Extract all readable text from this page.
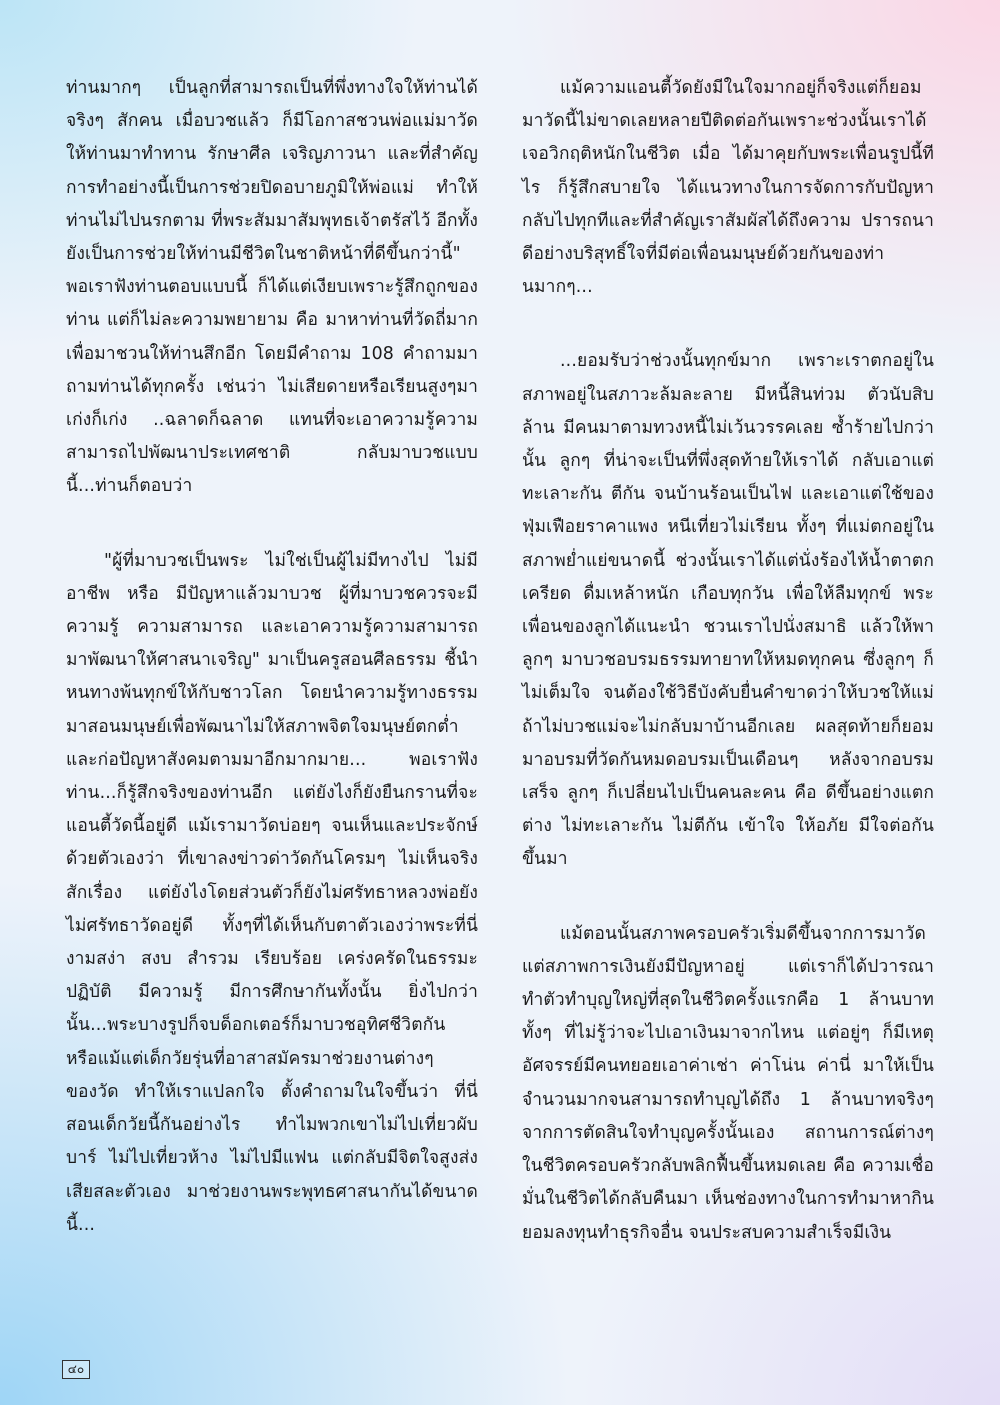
ท่านมากๆ เป็นลูกที่สามารถเป็นที่พึ่งทางใจให้ท่านได้จริงๆ สักคน เมื่อบวชแล้ว ก็มีโอกาสชวนพ่อแม่มาวัด ให้ท่านมาทำทาน รักษาศีล เจริญภาวนา และที่สำคัญการทำอย่างนี้เป็นการช่วยปิดอบายภูมิให้พ่อแม่ ทำให้ท่านไม่ไปนรกตาม ที่พระสัมมาสัมพุทธเจ้าตรัสไว้ อีกทั้งยังเป็นการช่วยให้ท่านมีชีวิตในชาติหน้าที่ดีขึ้นกว่านี้" พอเราฟังท่านตอบแบบนี้ ก็ได้แต่เงียบเพราะรู้สึกถูกของท่าน แต่ก็ไม่ละความพยายาม คือ มาหาท่านที่วัดถี่มากเพื่อมาชวนให้ท่านสึกอีก โดยมีคำถาม 108 คำถามมาถามท่านได้ทุกครั้ง เช่นว่า ไม่เสียดายหรือเรียนสูงๆมา เก่งก็เก่ง ..ฉลาดก็ฉลาด แทนที่จะเอาความรู้ความสามารถไปพัฒนาประเทศชาติ กลับมาบวชแบบนี้...ท่านก็ตอบว่า

"ผู้ที่มาบวชเป็นพระ ไม่ใช่เป็นผู้ไม่มีทางไป ไม่มีอาชีพ หรือ มีปัญหาแล้วมาบวช ผู้ที่มาบวชควรจะมีความรู้ ความสามารถ และเอาความรู้ความสามารถ มาพัฒนาให้ศาสนาเจริญ" มาเป็นครูสอนศีลธรรม ชี้นำหนทางพ้นทุกข์ให้กับชาวโลก โดยนำความรู้ทางธรรมมาสอนมนุษย์เพื่อพัฒนาไม่ให้สภาพจิตใจมนุษย์ตกต่ำ และก่อปัญหาสังคมตามมาอีกมากมาย... พอเราฟังท่าน...ก็รู้สึกจริงของท่านอีก แต่ยังไงก็ยังยืนกรานที่จะแอนตี้วัดนี้อยู่ดี แม้เรามาวัดบ่อยๆ จนเห็นและประจักษ์ด้วยตัวเองว่า ที่เขาลงข่าวด่าวัดกันโครมๆ ไม่เห็นจริงสักเรื่อง แต่ยังไงโดยส่วนตัวก็ยังไม่ศรัทธาหลวงพ่อยังไม่ศรัทธาวัดอยู่ดี ทั้งๆที่ได้เห็นกับตาตัวเองว่าพระที่นี่งามสง่า สงบ สำรวม เรียบร้อย เคร่งครัดในธรรมะปฏิบัติ มีความรู้ มีการศึกษากันทั้งนั้น ยิ่งไปกว่านั้น...พระบางรูปก็จบด็อกเตอร์ก็มาบวชอุทิศชีวิตกัน หรือแม้แต่เด็กวัยรุ่นที่อาสาสมัครมาช่วยงานต่างๆ ของวัด ทำให้เราแปลกใจ ตั้งคำถามในใจขึ้นว่า ที่นี่สอนเด็กวัยนี้กันอย่างไร ทำไมพวกเขาไม่ไปเที่ยวผับบาร์ ไม่ไปเที่ยวห้าง ไม่ไปมีแฟน แต่กลับมีจิตใจสูงส่ง เสียสละตัวเอง มาช่วยงานพระพุทธศาสนากันได้ขนาดนี้...

แม้ความแอนตี้วัดยังมีในใจมากอยู่ก็จริงแต่ก็ยอมมาวัดนี้ไม่ขาดเลยหลายปีติดต่อกันเพราะช่วงนั้นเราได้เจอวิกฤติหนักในชีวิต เมื่อ ได้มาคุยกับพระเพื่อนรูปนี้ทีไร ก็รู้สึกสบายใจ ได้แนวทางในการจัดการกับปัญหากลับไปทุกทีและที่สำคัญเราสัมผัสได้ถึงความ ปรารถนาดีอย่างบริสุทธิ์ใจที่มีต่อเพื่อนมนุษย์ด้วยกันของท่านมากๆ...

...ยอมรับว่าช่วงนั้นทุกข์มาก เพราะเราตกอยู่ในสภาพอยู่ในสภาวะล้มละลาย มีหนี้สินท่วม ตัวนับสิบล้าน มีคนมาตามทวงหนี้ไม่เว้นวรรคเลย ซ้ำร้ายไปกว่านั้น ลูกๆ ที่น่าจะเป็นที่พึ่งสุดท้ายให้เราได้ กลับเอาแต่ทะเลาะกัน ตีกัน จนบ้านร้อนเป็นไฟ และเอาแต่ใช้ของฟุ่มเฟือยราคาแพง หนีเที่ยวไม่เรียน ทั้งๆ ที่แม่ตกอยู่ในสภาพย่ำแย่ขนาดนี้ ช่วงนั้นเราได้แต่นั่งร้องไห้น้ำตาตก เครียด ดื่มเหล้าหนัก เกือบทุกวัน เพื่อให้ลืมทุกข์ พระเพื่อนของลูกได้แนะนำ ชวนเราไปนั่งสมาธิ แล้วให้พาลูกๆ มาบวชอบรมธรรมทายาทให้หมดทุกคน ซึ่งลูกๆ ก็ไม่เต็มใจ จนต้องใช้วิธีบังคับยื่นคำขาดว่าให้บวชให้แม่ ถ้าไม่บวชแม่จะไม่กลับมาบ้านอีกเลย ผลสุดท้ายก็ยอมมาอบรมที่วัดกันหมดอบรมเป็นเดือนๆ หลังจากอบรมเสร็จ ลูกๆ ก็เปลี่ยนไปเป็นคนละคน คือ ดีขึ้นอย่างแตกต่าง ไม่ทะเลาะกัน ไม่ตีกัน เข้าใจ ให้อภัย มีใจต่อกันขึ้นมา

แม้ตอนนั้นสภาพครอบครัวเริ่มดีขึ้นจากการมาวัด แต่สภาพการเงินยังมีปัญหาอยู่ แต่เราก็ได้ปวารณาทำตัวทำบุญใหญ่ที่สุดในชีวิตครั้งแรกคือ 1 ล้านบาท ทั้งๆ ที่ไม่รู้ว่าจะไปเอาเงินมาจากไหน แต่อยู่ๆ ก็มีเหตุอัศจรรย์มีคนทยอยเอาค่าเช่า ค่าโน่น ค่านี่ มาให้เป็นจำนวนมากจนสามารถทำบุญได้ถึง 1 ล้านบาทจริงๆ จากการตัดสินใจทำบุญครั้งนั้นเอง สถานการณ์ต่างๆ ในชีวิตครอบครัวกลับพลิกฟื้นขึ้นหมดเลย คือ ความเชื่อมั่นในชีวิตได้กลับคืนมา เห็นช่องทางในการทำมาหากิน ยอมลงทุนทำธุรกิจอื่น จนประสบความสำเร็จมีเงิน

๔๐
